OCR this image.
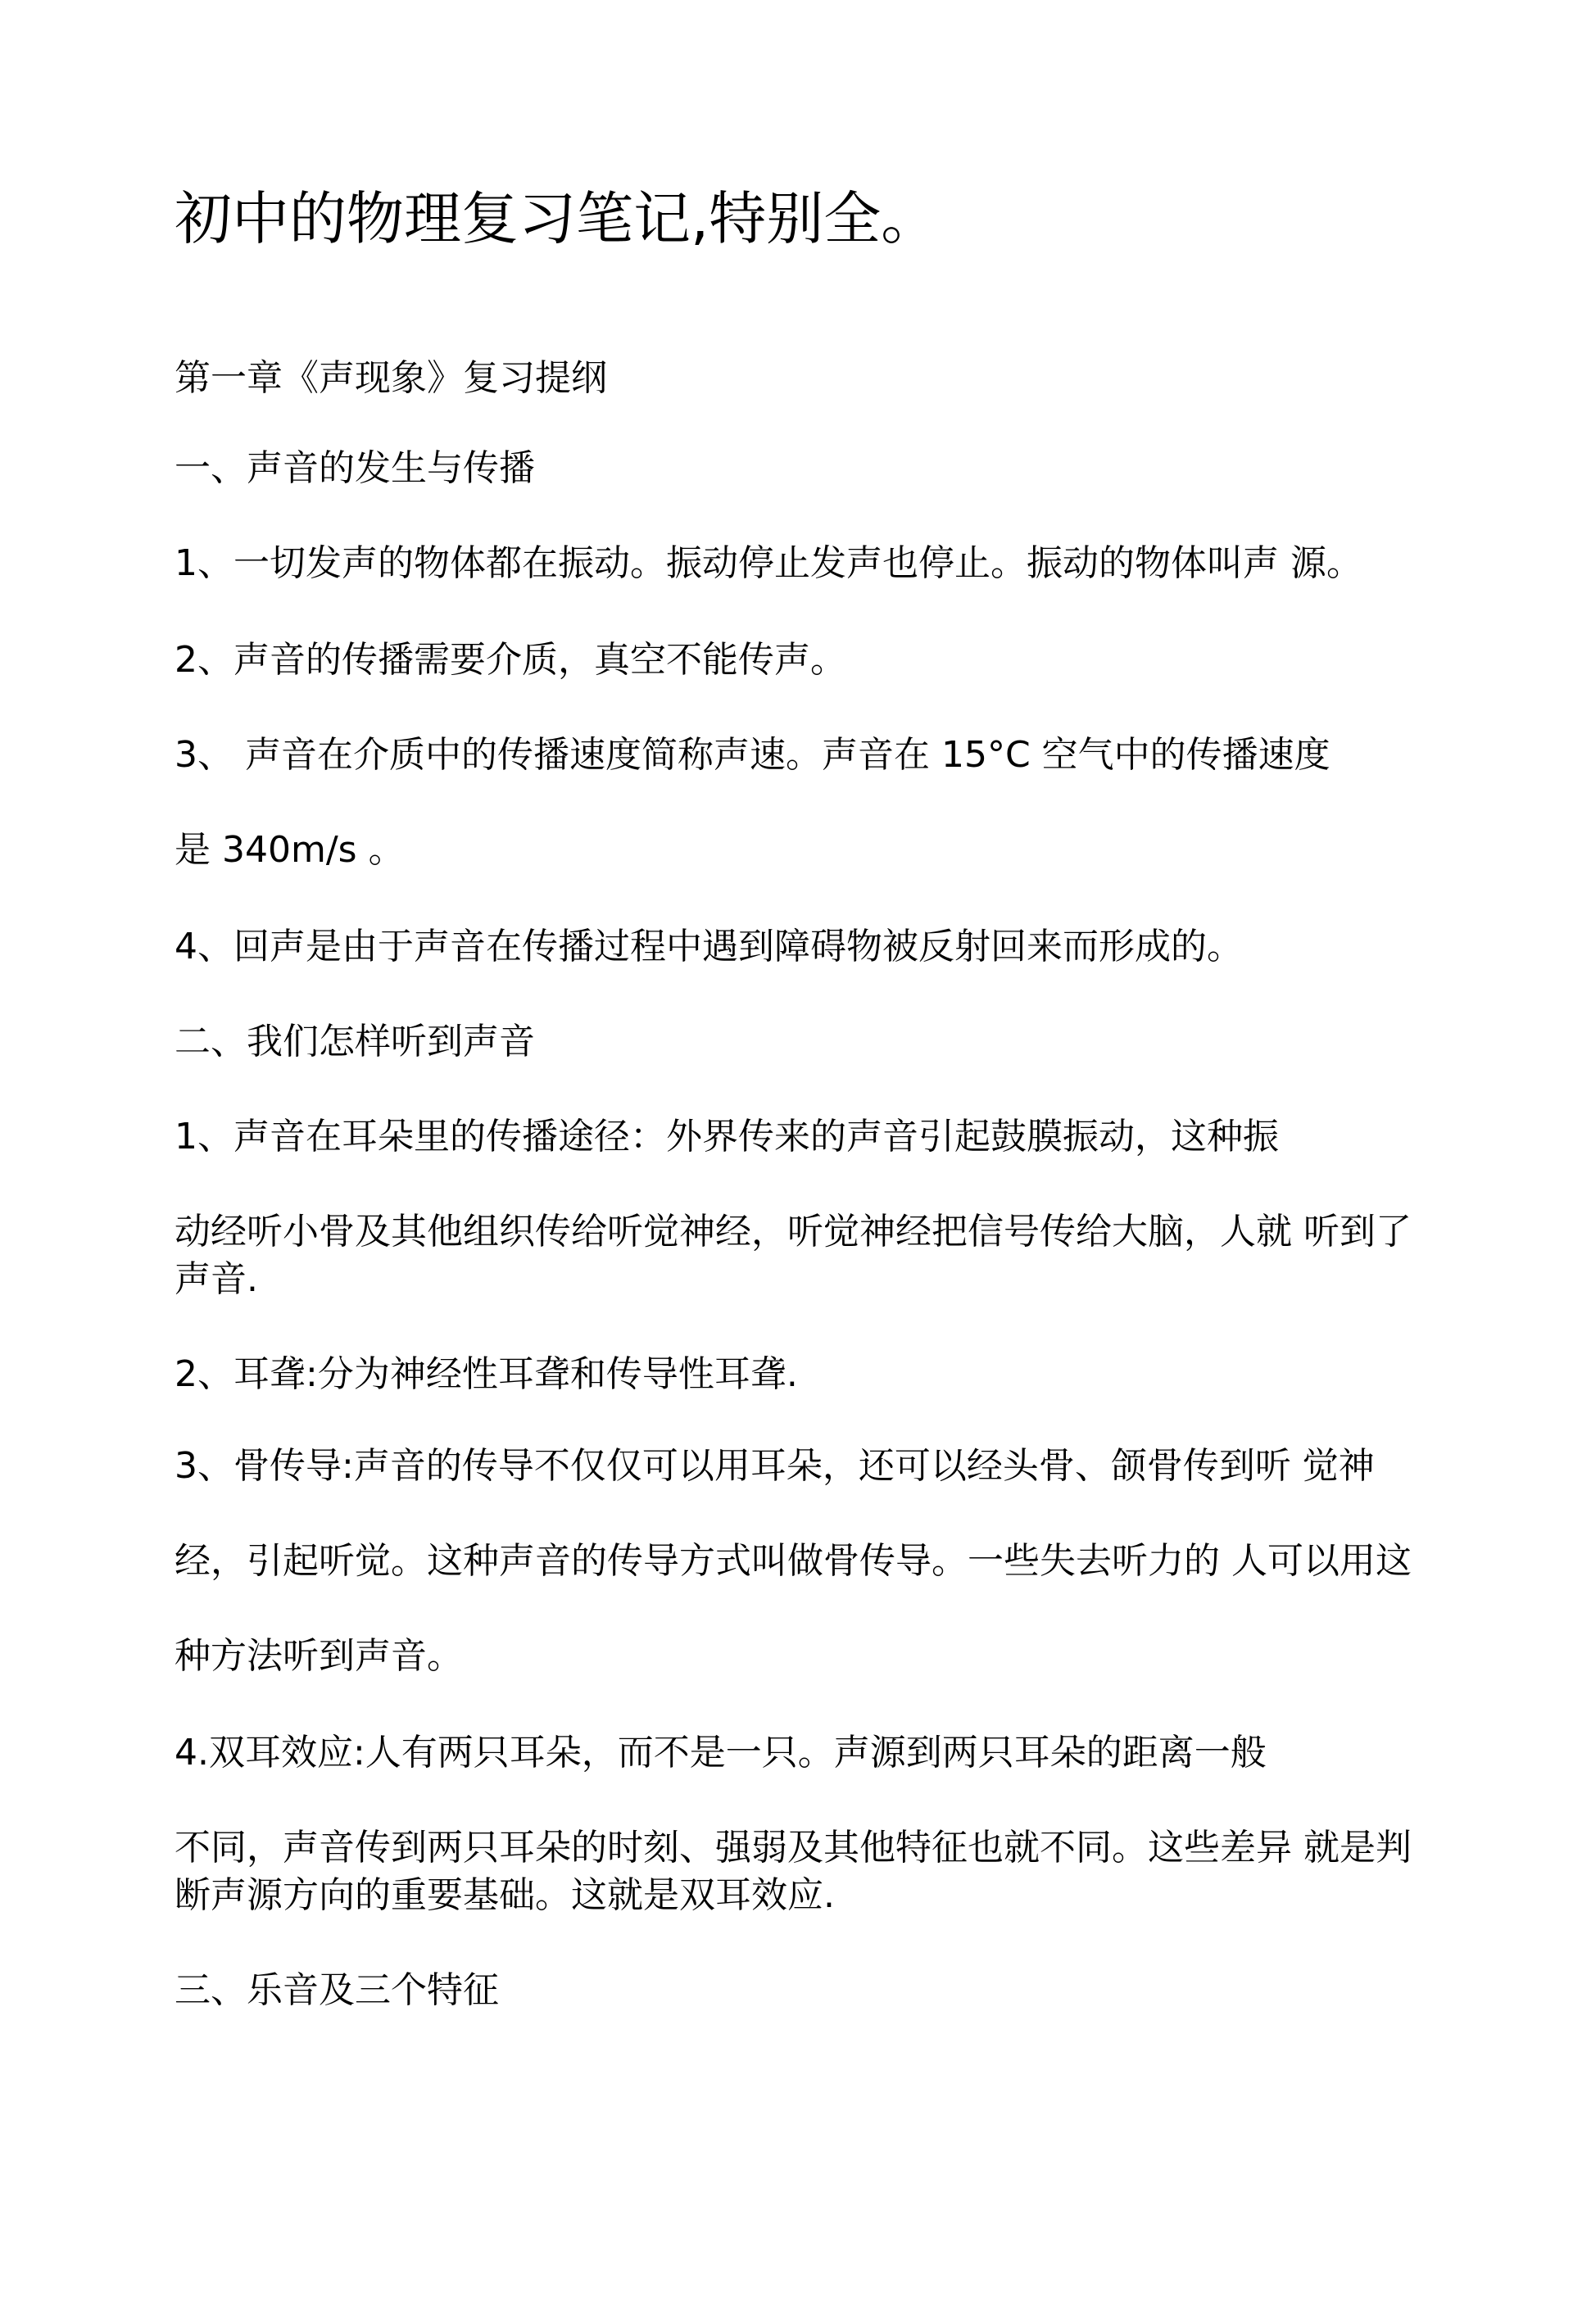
初中的物理复习笔记,特别全。
第一章《声现象》复习提纲
一、声音的发生与传播
1、一切发声的物体都在振动。振动停止发声也停止。振动的物体叫声 源。
2、声音的传播需要介质，真空不能传声。
3、 声音在介质中的传播速度简称声速。声音在 15°C 空气中的传播速度
是 340m/s 。
4、回声是由于声音在传播过程中遇到障碍物被反射回来而形成的。
二、我们怎样听到声音
1、声音在耳朵里的传播途径：外界传来的声音引起鼓膜振动，这种振
动经听小骨及其他组织传给听觉神经，听觉神经把信号传给大脑，人就 听到了
声音.
2、耳聋:分为神经性耳聋和传导性耳聋.
3、骨传导:声音的传导不仅仅可以用耳朵，还可以经头骨、颌骨传到听 觉神
经，引起听觉。这种声音的传导方式叫做骨传导。一些失去听力的 人可以用这
种方法听到声音。
4.双耳效应:人有两只耳朵，而不是一只。声源到两只耳朵的距离一般
不同，声音传到两只耳朵的时刻、强弱及其他特征也就不同。这些差异 就是判
断声源方向的重要基础。这就是双耳效应.
三、乐音及三个特征
